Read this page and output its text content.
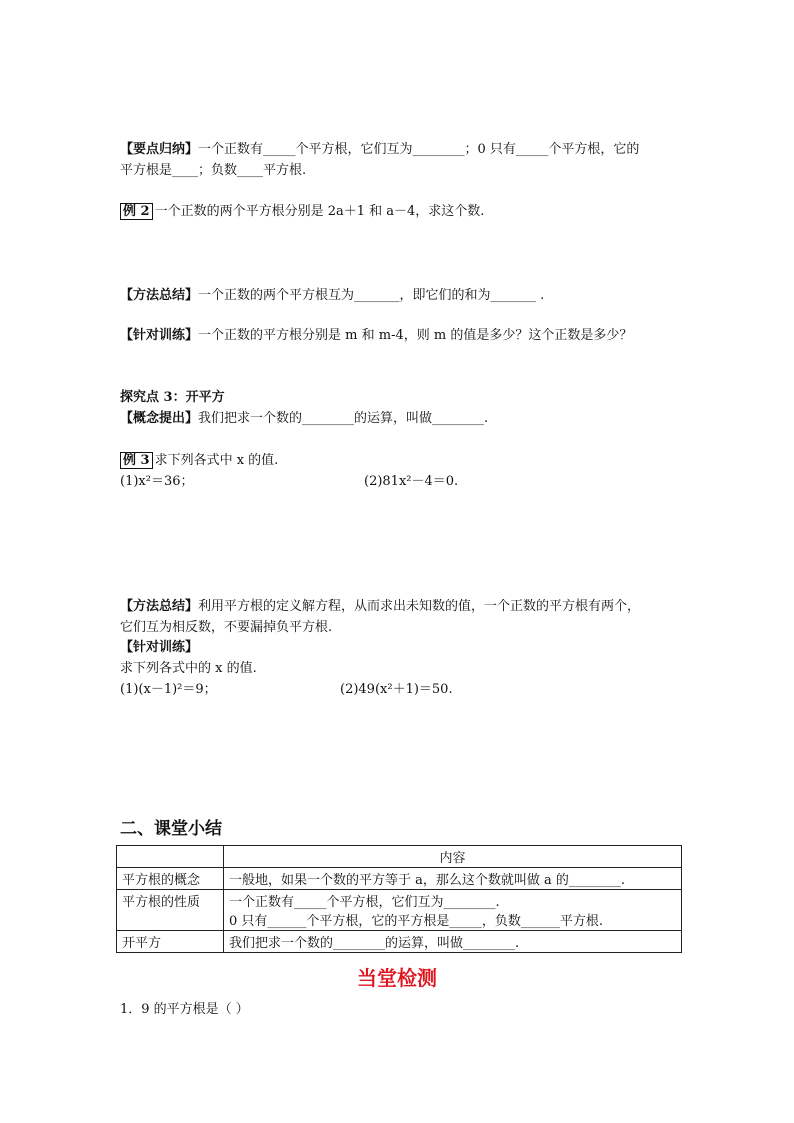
【要点归纳】一个正数有_____个平方根，它们互为________；0 只有_____个平方根，它的
平方根是____；负数____平方根.
例 2 一个正数的两个平方根分别是 2a＋1 和 a－4，求这个数.
【方法总结】一个正数的两个平方根互为_______，即它们的和为_______ .
【针对训练】一个正数的平方根分别是 m 和 m-4，则 m 的值是多少？这个正数是多少？
探究点 3：开平方
【概念提出】我们把求一个数的________的运算，叫做________.
例 3 求下列各式中 x 的值.
(1)x²＝36；	(2)81x²－4＝0.
【方法总结】利用平方根的定义解方程，从而求出未知数的值，一个正数的平方根有两个，
它们互为相反数，不要漏掉负平方根.
【针对训练】
求下列各式中的 x 的值.
(1)(x－1)²＝9；	(2)49(x²＋1)＝50.
二、课堂小结
	内容
平方根的概念	一般地，如果一个数的平方等于 a，那么这个数就叫做 a 的________.
平方根的性质	一个正数有_____个平方根，它们互为________.
0 只有______个平方根，它的平方根是_____，负数______平方根.

开平方	我们把求一个数的________的运算，叫做________.
当堂检测
1．9 的平方根是（ ）
